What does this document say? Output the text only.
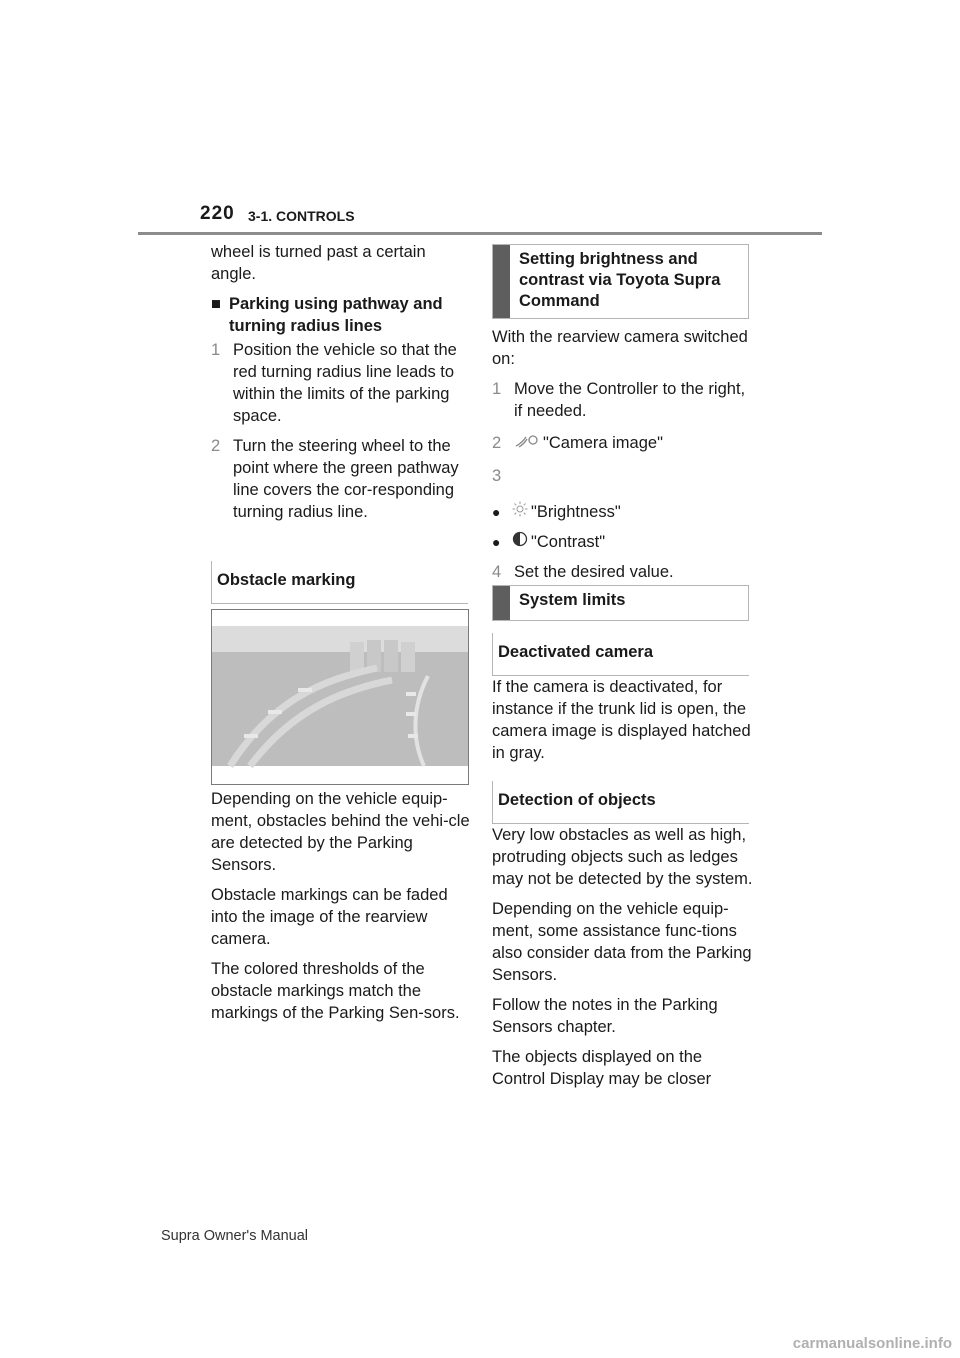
220 3-1. CONTROLS

wheel is turned past a certain angle.

■ Parking using pathway and turning radius lines
1 Position the vehicle so that the red turning radius line leads to within the limits of the parking space.
2 Turn the steering wheel to the point where the green pathway line covers the cor-responding turning radius line.
Obstacle marking

Depending on the vehicle equip-ment, obstacles behind the vehi-cle are detected by the Parking Sensors.

Obstacle markings can be faded into the image of the rearview camera.

The colored thresholds of the obstacle markings match the markings of the Parking Sen-sors.

Setting brightness and contrast via Toyota Supra Command

With the rearview camera switched on:

1 Move the Controller to the right, if needed.
2	"Camera image"
3
●	"Brightness"
●	"Contrast"
4 Set the desired value.
System limits
Deactivated camera

If the camera is deactivated, for instance if the trunk lid is open, the camera image is displayed hatched in gray.

Detection of objects

Very low obstacles as well as high, protruding objects such as ledges may not be detected by the system.

Depending on the vehicle equip-ment, some assistance func-tions also consider data from the Parking Sensors.

Follow the notes in the Parking Sensors chapter.

The objects displayed on the Control Display may be closer

Supra Owner's Manual
carmanualsonline.info
